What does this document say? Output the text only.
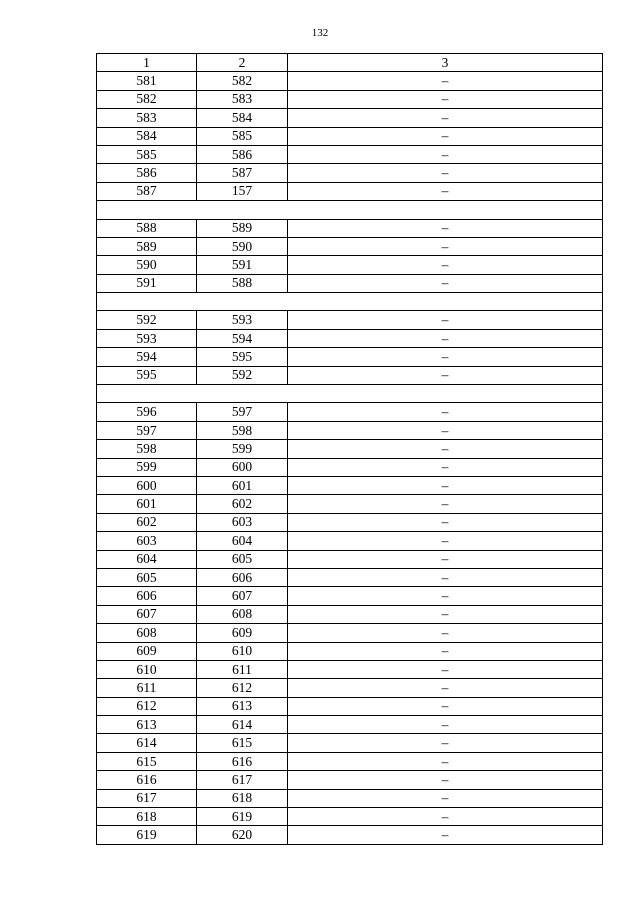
132
1	2	3
581	582	–
582	583	–
583	584	–
584	585	–
585	586	–
586	587	–
587	157	–

588	589	–
589	590	–
590	591	–
591	588	–

592	593	–
593	594	–
594	595	–
595	592	–

596	597	–
597	598	–
598	599	–
599	600	–
600	601	–
601	602	–
602	603	–
603	604	–
604	605	–
605	606	–
606	607	–
607	608	–
608	609	–
609	610	–
610	611	–
611	612	–
612	613	–
613	614	–
614	615	–
615	616	–
616	617	–
617	618	–
618	619	–
619	620	–
